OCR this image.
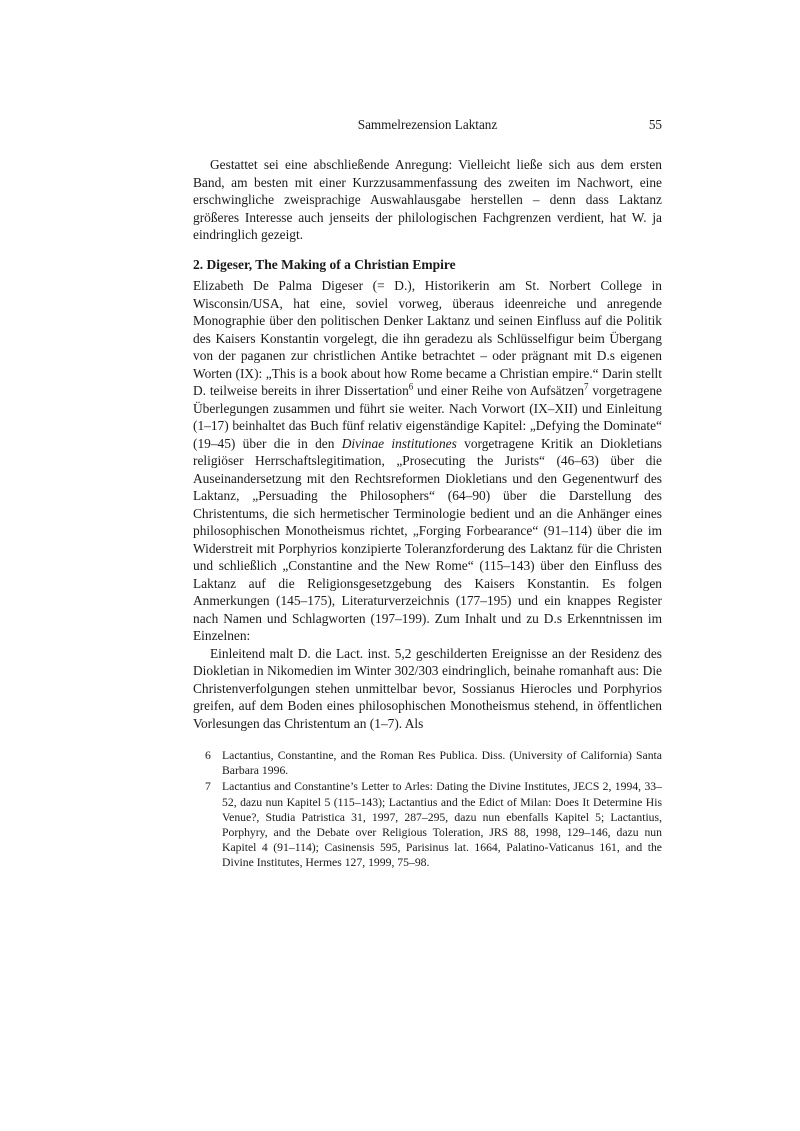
Sammelrezension Laktanz	55

Gestattet sei eine abschließende Anregung: Vielleicht ließe sich aus dem ersten Band, am besten mit einer Kurzzusammenfassung des zweiten im Nachwort, eine erschwingliche zweisprachige Auswahlausgabe herstellen – denn dass Laktanz größeres Interesse auch jenseits der philologischen Fachgrenzen verdient, hat W. ja eindringlich gezeigt.

2. Digeser, The Making of a Christian Empire

Elizabeth De Palma Digeser (= D.), Historikerin am St. Norbert College in Wisconsin/USA, hat eine, soviel vorweg, überaus ideenreiche und anregende Monographie über den politischen Denker Laktanz und seinen Einfluss auf die Politik des Kaisers Konstantin vorgelegt, die ihn geradezu als Schlüsselfigur beim Übergang von der paganen zur christlichen Antike betrachtet – oder prägnant mit D.s eigenen Worten (IX): „This is a book about how Rome became a Christian empire.“ Darin stellt D. teilweise bereits in ihrer Dissertation$^6$ und einer Reihe von Aufsätzen$^7$ vorgetragene Überlegungen zusammen und führt sie weiter. Nach Vorwort (IX–XII) und Einleitung (1–17) beinhaltet das Buch fünf relativ eigenständige Kapitel: „Defying the Dominate“ (19–45) über die in den Divinae institutiones vorgetragene Kritik an Diokletians religiöser Herrschaftslegitimation, „Prosecuting the Jurists“ (46–63) über die Auseinandersetzung mit den Rechtsreformen Diokletians und den Gegenentwurf des Laktanz, „Persuading the Philosophers“ (64–90) über die Darstellung des Christentums, die sich hermetischer Terminologie bedient und an die Anhänger eines philosophischen Monotheismus richtet, „Forging Forbearance“ (91–114) über die im Widerstreit mit Porphyrios konzipierte Toleranzforderung des Laktanz für die Christen und schließlich „Constantine and the New Rome“ (115–143) über den Einfluss des Laktanz auf die Religionsgesetzgebung des Kaisers Konstantin. Es folgen Anmerkungen (145–175), Literaturverzeichnis (177–195) und ein knappes Register nach Namen und Schlagworten (197–199). Zum Inhalt und zu D.s Erkenntnissen im Einzelnen:

Einleitend malt D. die Lact. inst. 5,2 geschilderten Ereignisse an der Residenz des Diokletian in Nikomedien im Winter 302/303 eindringlich, beinahe romanhaft aus: Die Christenverfolgungen stehen unmittelbar bevor, Sossianus Hierocles und Porphyrios greifen, auf dem Boden eines philosophischen Monotheismus stehend, in öffentlichen Vorlesungen das Christentum an (1–7). Als

6 Lactantius, Constantine, and the Roman Res Publica. Diss. (University of California) Santa Barbara 1996.
7 Lactantius and Constantine’s Letter to Arles: Dating the Divine Institutes, JECS 2, 1994, 33–52, dazu nun Kapitel 5 (115–143); Lactantius and the Edict of Milan: Does It Determine His Venue?, Studia Patristica 31, 1997, 287–295, dazu nun ebenfalls Kapitel 5; Lactantius, Porphyry, and the Debate over Religious Toleration, JRS 88, 1998, 129–146, dazu nun Kapitel 4 (91–114); Casinensis 595, Parisinus lat. 1664, Palatino-Vaticanus 161, and the Divine Institutes, Hermes 127, 1999, 75–98.
